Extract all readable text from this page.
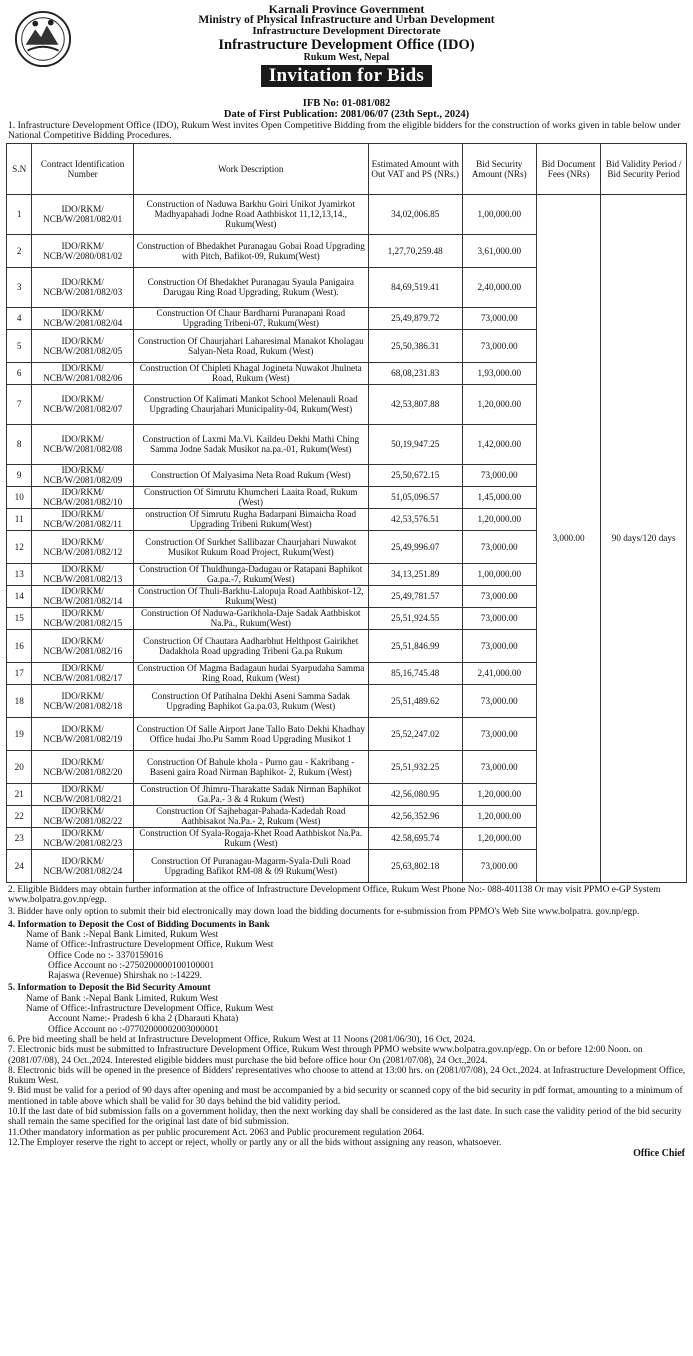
Karnali Province Government
Ministry of Physical Infrastructure and Urban Development
Infrastructure Development Directorate
Infrastructure Development Office (IDO)
Rukum West, Nepal
Invitation for Bids
IFB No: 01-081/082
Date of First Publication: 2081/06/07 (23th Sept., 2024)
1. Infrastructure Development Office (IDO), Rukum West invites Open Competitive Bidding from the eligible bidders for the construction of works given in table below under National Competitive Bidding Procedures.
S.N	Contract Identification Number	Work Description	Estimated Amount with Out VAT and PS (NRs.)	Bid Security Amount (NRs)	Bid Document Fees (NRs)	Bid Validity Period / Bid Security Period
1	IDO/RKM/ NCB/W/2081/082/01	Construction of Naduwa Barkhu Goiri Unikot Jyamirkot Madhyapahadi Jodne Road Aathbiskot 11,12,13,14., Rukum(West)	34,02,006.85	1,00,000.00	3,000.00	90 days/120 days
2	IDO/RKM/ NCB/W/2080/081/02	Construction of Bhedakhet Puranagau Gobai Road Upgrading with Pitch, Bafikot-09, Rukum(West)	1,27,70,259.48	3,61,000.00		
3	IDO/RKM/ NCB/W/2081/082/03	Construction Of Bhedakhet Puranagau Syaula Panigaira Darugau Ring Road Upgrading, Rukum (West).	84,69,519.41	2,40,000.00		
4	IDO/RKM/ NCB/W/2081/082/04	Construction Of Chaur Bardharni Puranapani Road Upgrading Tribeni-07, Rukum(West)	25,49,879.72	73,000.00		
5	IDO/RKM/ NCB/W/2081/082/05	Construction Of Chaurjahari Laharesimal Manakot Kholagau Salyan-Neta Road, Rukum (West)	25,50,386.31	73,000.00		
6	IDO/RKM/ NCB/W/2081/082/06	Construction Of Chipleti Khagal Jogineta Nuwakot Jhulneta Road, Rukum (West)	68,08,231.83	1,93,000.00		
7	IDO/RKM/ NCB/W/2081/082/07	Construction Of Kalimati Mankot School Melenauli Road Upgrading Chaurjahari Municipality-04, Rukum(West)	42,53,807.88	1,20,000.00		
8	IDO/RKM/ NCB/W/2081/082/08	Construction of Laxmi Ma.Vi. Kaildeu Dekhi Mathi Ching Samma Jodne Sadak Musikot na.pa.-01, Rukum(West)	50,19,947.25	1,42,000.00		
9	IDO/RKM/ NCB/W/2081/082/09	Construction Of Malyasima Neta Road Rukum (West)	25,50,672.15	73,000.00		
10	IDO/RKM/ NCB/W/2081/082/10	Construction Of Simrutu Khumcheri Laaita Road, Rukum (West)	51,05,096.57	1,45,000.00		
11	IDO/RKM/ NCB/W/2081/082/11	onstruction Of Simrutu Rugha Badarpani Bimaicha Road Upgrading Tribeni Rukum(West)	42,53,576.51	1,20,000.00		
12	IDO/RKM/ NCB/W/2081/082/12	Construction Of Surkhet Sallibazar Chaurjahari Nuwakot Musikot Rukum Road Project, Rukum(West)	25,49,996.07	73,000.00		
13	IDO/RKM/ NCB/W/2081/082/13	Construction Of Thuldhunga-Dadugau or Ratapani Baphikot Ga.pa.-7, Rukum(West)	34,13,251.89	1,00,000.00		
14	IDO/RKM/ NCB/W/2081/082/14	Construction Of Thuli-Barkhu-Lalopuja Road Aathbiskot-12, Rukum(West)	25,49,781.57	73,000.00		
15	IDO/RKM/ NCB/W/2081/082/15	Construction Of Naduwa-Garikhola-Daje Sadak Aathbiskot Na.Pa., Rukum(West)	25,51,924.55	73,000.00		
16	IDO/RKM/ NCB/W/2081/082/16	Construction Of Chautara Aadharbhut Helthpost Gairikhet Dadakhola Road upgrading Tribeni Ga.pa Rukum	25,51,846.99	73,000.00		
17	IDO/RKM/ NCB/W/2081/082/17	Construction Of Magma Badagaun hudai Syarpudaha Samma Ring Road, Rukum (West)	85,16,745.48	2,41,000.00		
18	IDO/RKM/ NCB/W/2081/082/18	Construction Of Patihalna Dekhi Aseni Samma Sadak Upgrading Baphikot Ga.pa.03, Rukum (West)	25,51,489.62	73,000.00		
19	IDO/RKM/ NCB/W/2081/082/19	Construction Of Salle Airport Jane Tallo Bato Dekhi Khadhay Office hudai Jho.Pu Samm Road Upgrading Musikot 1	25,52,247.02	73,000.00		
20	IDO/RKM/ NCB/W/2081/082/20	Construction Of Bahule khola - Purno gau - Kakribang - Baseni gaira Road Nirman Baphikot- 2, Rukum (West)	25,51,932.25	73,000.00		
21	IDO/RKM/ NCB/W/2081/082/21	Construction Of Jhimru-Tharakatte Sadak Nirman Baphikot Ga.Pa.- 3 & 4 Rukum (West)	42,56,080.95	1,20,000.00		
22	IDO/RKM/ NCB/W/2081/082/22	Construction Of Sajhebagar-Pahada-Kadedah Road Aathbisakot Na.Pa.- 2, Rukum (West)	42,56,352.96	1,20,000.00		
23	IDO/RKM/ NCB/W/2081/082/23	Construction Of Syala-Rogaja-Khet Road Aathbiskot Na.Pa. Rukum (West)	42.58,695.74	1,20,000.00		
24	IDO/RKM/ NCB/W/2081/082/24	Construction Of Puranagau-Magarm-Syala-Duli Road Upgrading Bafikot RM-08 & 09 Rukum(West)	25,63,802.18	73,000.00		
2. Eligible Bidders may obtain further information at the office of Infrastructure Development Office, Rukum West Phone No:- 088-401138 Or may visit PPMO e-GP System www.bolpatra.gov.np/egp.
3. Bidder have only option to submit their bid electronically may down load the bidding documents for e-submission from PPMO's Web Site www.bolpatra. gov.np/egp.
4. Information to Deposit the Cost of Bidding Documents in Bank
Name of Bank :-Nepal Bank Limited, Rukum West
Name of Office:-Infrastructure Development Office, Rukum West
Office Code no :- 3370159016
Office Account no :-2750200000100100001
Rajaswa (Revenue) Shirshak no :-14229.
5. Information to Deposit the Bid Security Amount
Name of Bank :-Nepal Bank Limited, Rukum West
Name of Office:-Infrastructure Development Office, Rukum West
Account Name:- Pradesh 6 kha 2 (Dharauti Khata)
Office Account no :-07702000002003000001
6. Pre bid meeting shall be held at Infrastructure Development Office, Rukum West at 11 Noons (2081/06/30), 16 Oct, 2024.
7. Electronic bids must be submitted to Infrastructure Development Office, Rukum West through PPMO website www.bolpatra.gov.np/egp. On or before 12:00 Noon. on (2081/07/08), 24 Oct.,2024. Interested eligible bidders must purchase the bid before office hour On (2081/07/08), 24 Oct.,2024.
8. Electronic bids will be opened in the presence of Bidders' representatives who choose to attend at 13:00 hrs. on (2081/07/08), 24 Oct.,2024. at Infrastructure Development Office, Rukum West.
9. Bid must be valid for a period of 90 days after opening and must be accompanied by a bid security or scanned copy of the bid security in pdf format, amounting to a minimum of mentioned in table above which shall be valid for 30 days behind the bid validity period.
10.If the last date of bid submission falls on a government holiday, then the next working day shall be considered as the last date. In such case the validity period of the bid security shall remain the same specified for the original last date of bid submission.
11.Other mandatory information as per public procurement Act. 2063 and Public procurement regulation 2064.
12.The Employer reserve the right to accept or reject, wholly or partly any or all the bids without assigning any reason, whatsoever.
Office Chief
